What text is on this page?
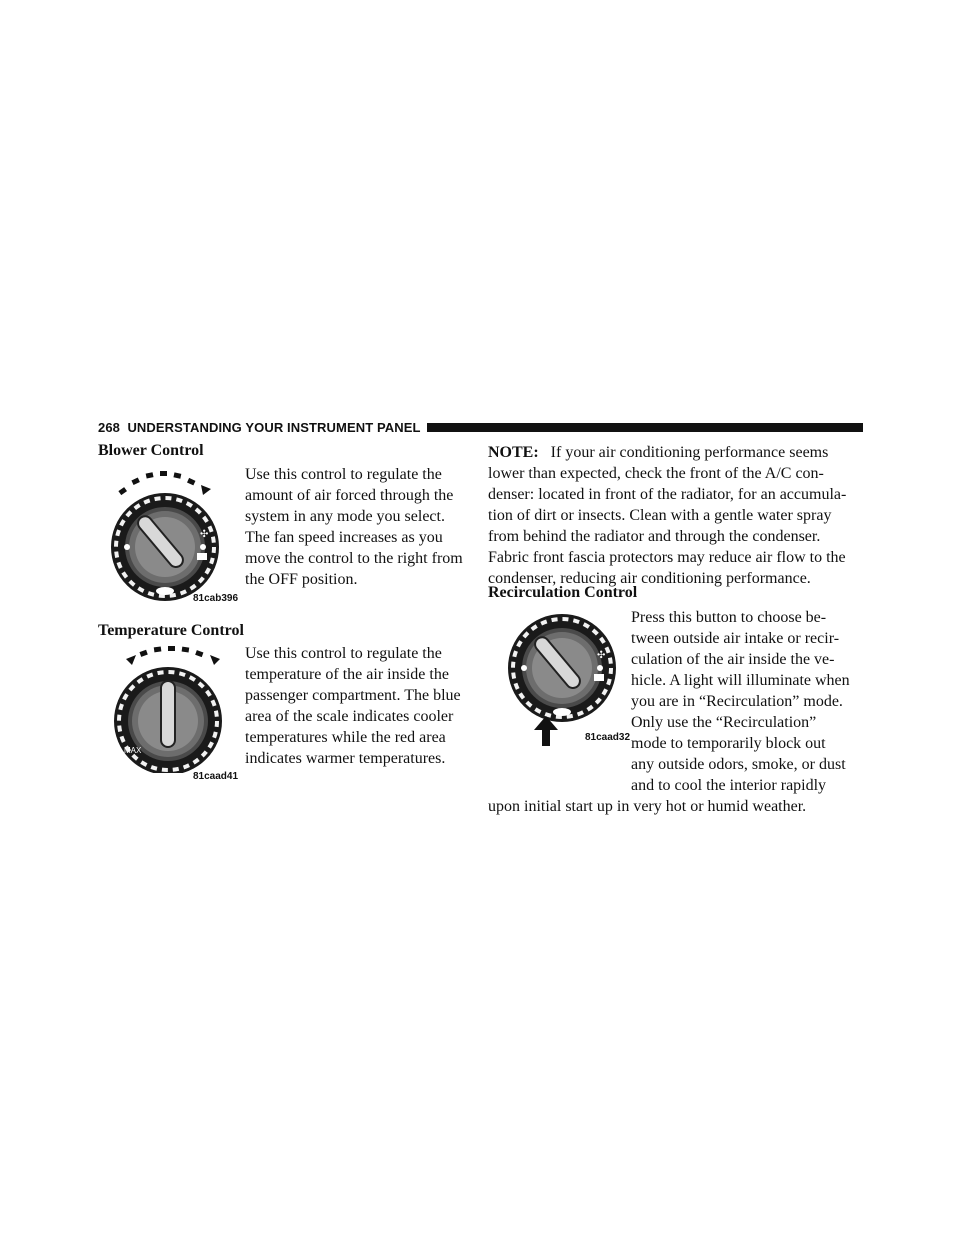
268 UNDERSTANDING YOUR INSTRUMENT PANEL
Blower Control
✣
81cab396
Use this control to regulate the
amount of air forced through the
system in any mode you select.
The fan speed increases as you
move the control to the right from
the OFF position.
Temperature Control
MAX
81caad41
Use this control to regulate the
temperature of the air inside the
passenger compartment. The blue
area of the scale indicates cooler
temperatures while the red area
indicates warmer temperatures.
NOTE: If your air conditioning performance seems
lower than expected, check the front of the A/C con-
denser: located in front of the radiator, for an accumula-
tion of dirt or insects. Clean with a gentle water spray
from behind the radiator and through the condenser.
Fabric front fascia protectors may reduce air flow to the
condenser, reducing air conditioning performance.
Recirculation Control
✣
81caad32
Press this button to choose be-
tween outside air intake or recir-
culation of the air inside the ve-
hicle. A light will illuminate when
you are in “Recirculation” mode.
Only use the “Recirculation”
mode to temporarily block out
any outside odors, smoke, or dust
and to cool the interior rapidly
upon initial start up in very hot or humid weather.
